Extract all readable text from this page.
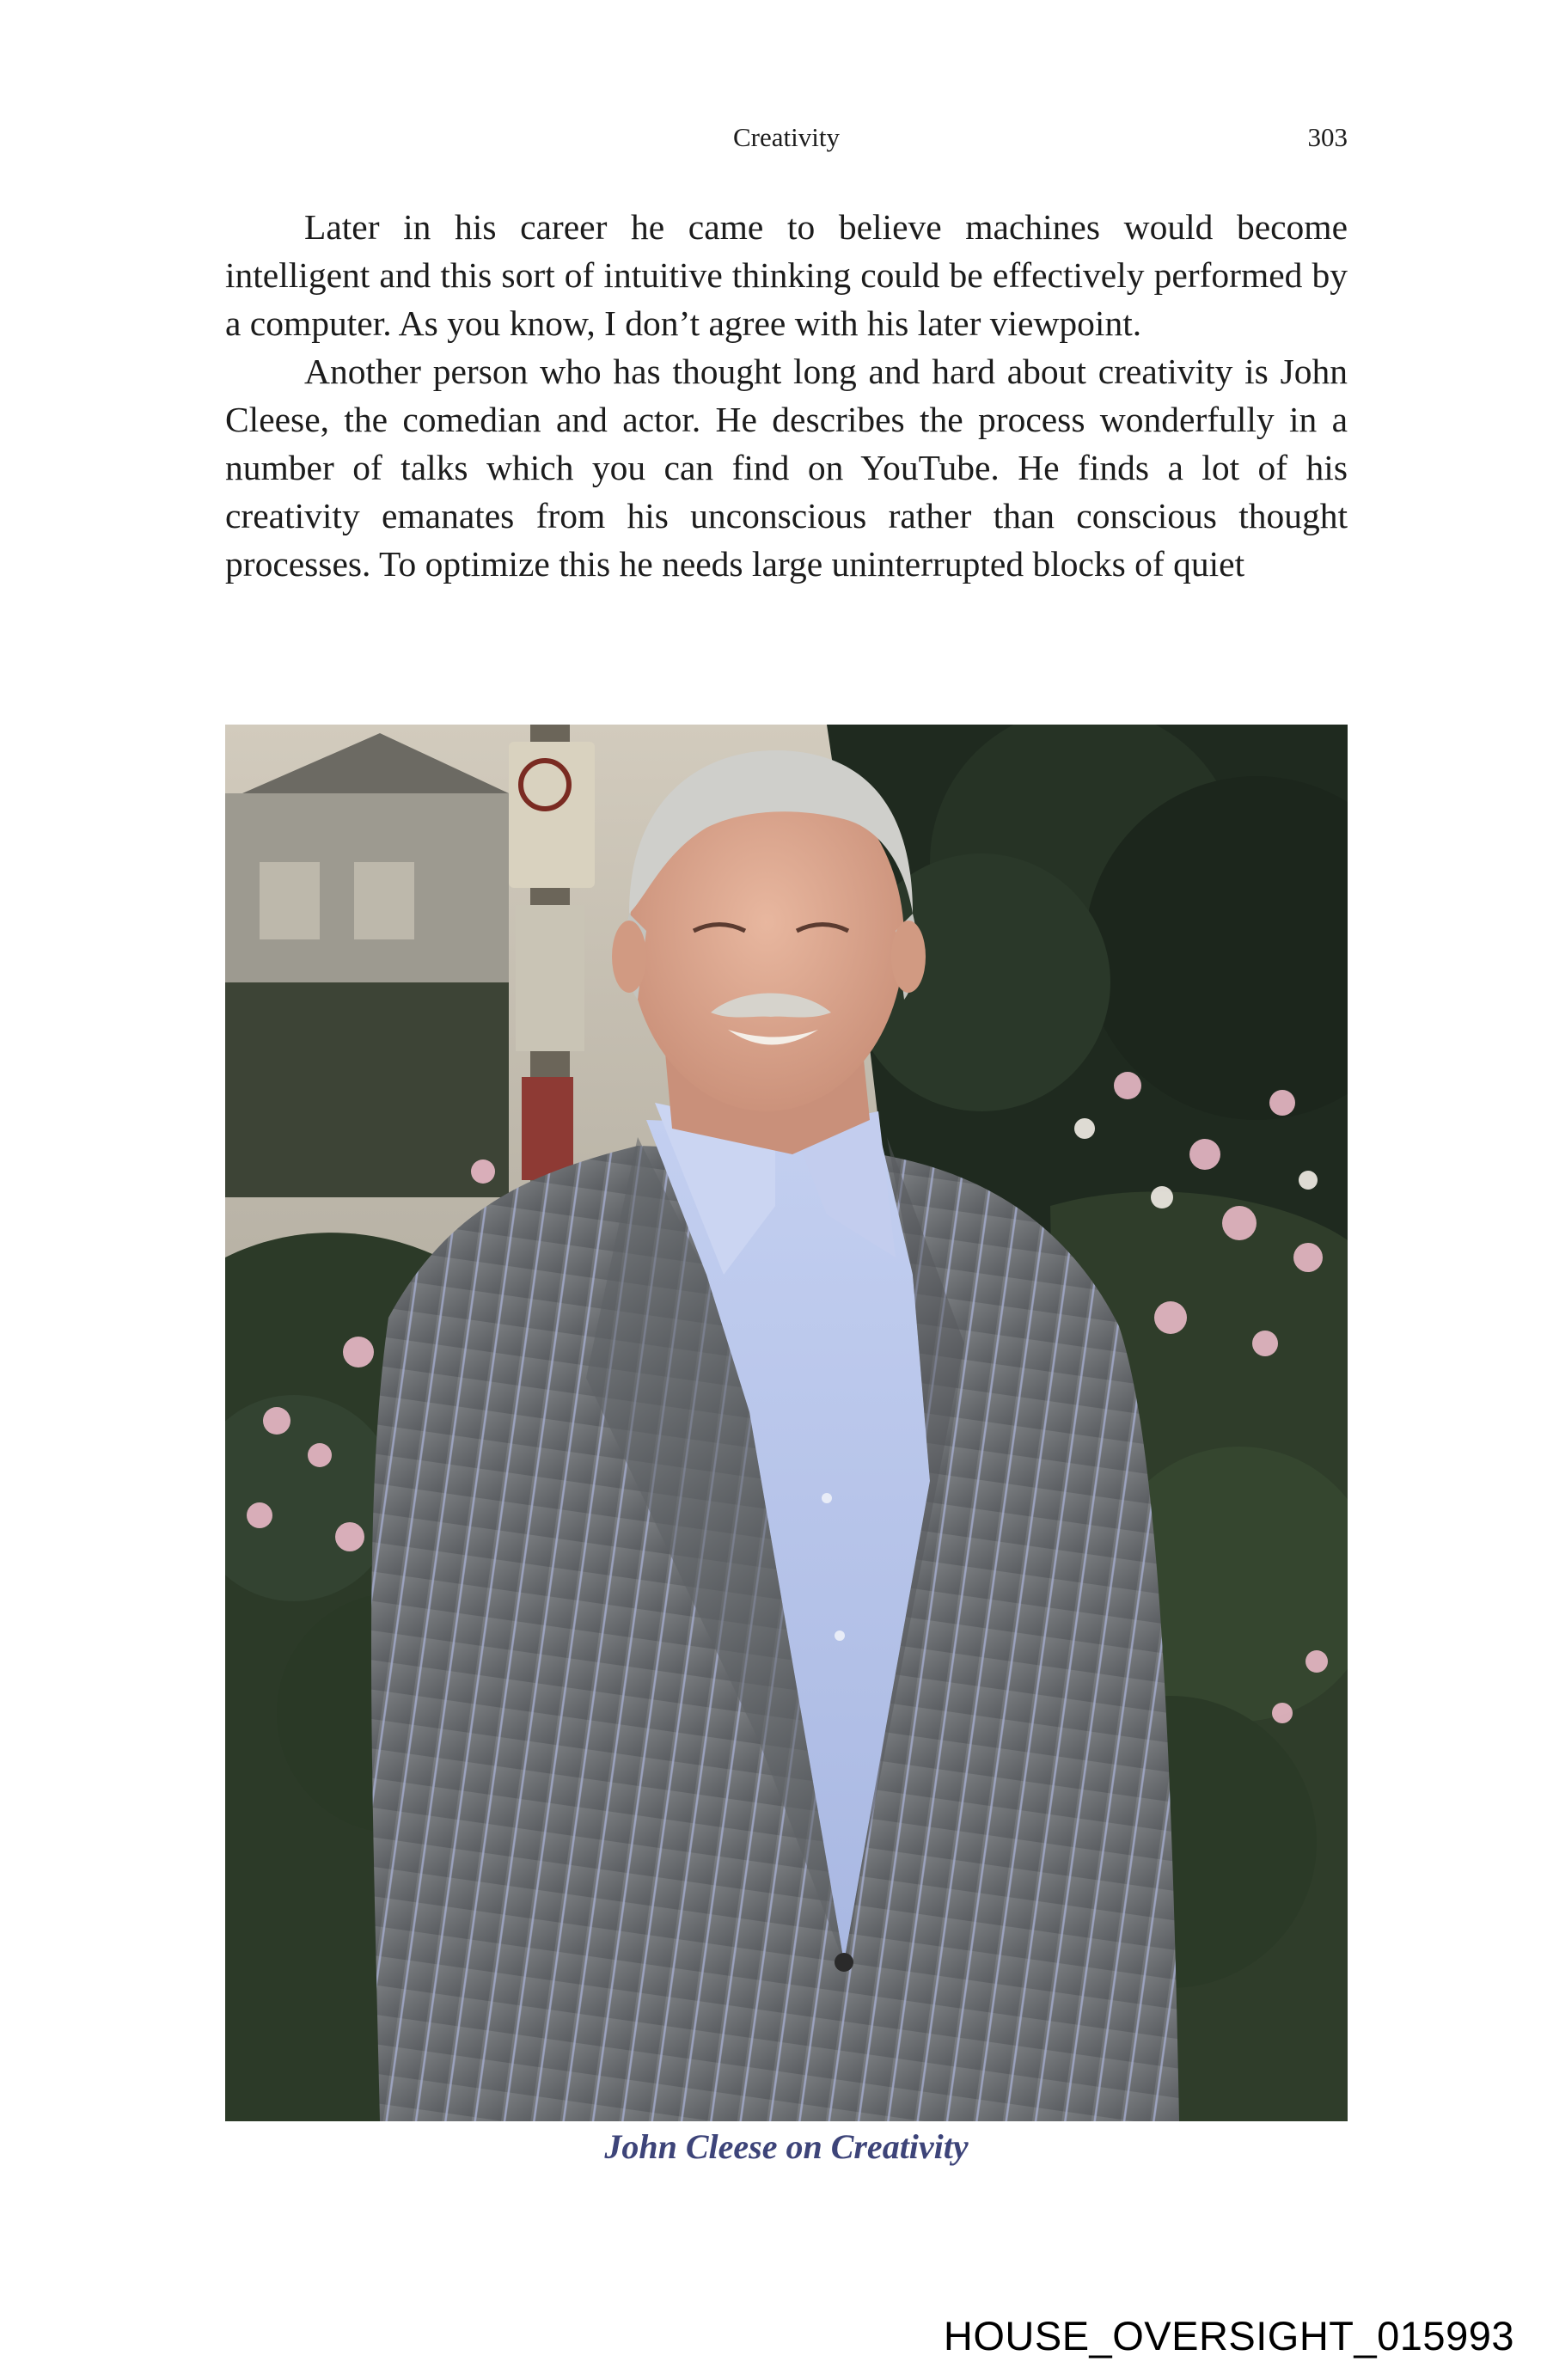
Creativity	303

Later in his career he came to believe machines would become intelligent and this sort of intuitive thinking could be effectively performed by a computer. As you know, I don’t agree with his later viewpoint.

Another person who has thought long and hard about creativity is John Cleese, the comedian and actor. He describes the process wonderfully in a number of talks which you can find on YouTube. He finds a lot of his creativity emanates from his unconscious rather than conscious thought processes. To optimize this he needs large uninterrupted blocks of quiet

John Cleese on Creativity
HOUSE_OVERSIGHT_015993
